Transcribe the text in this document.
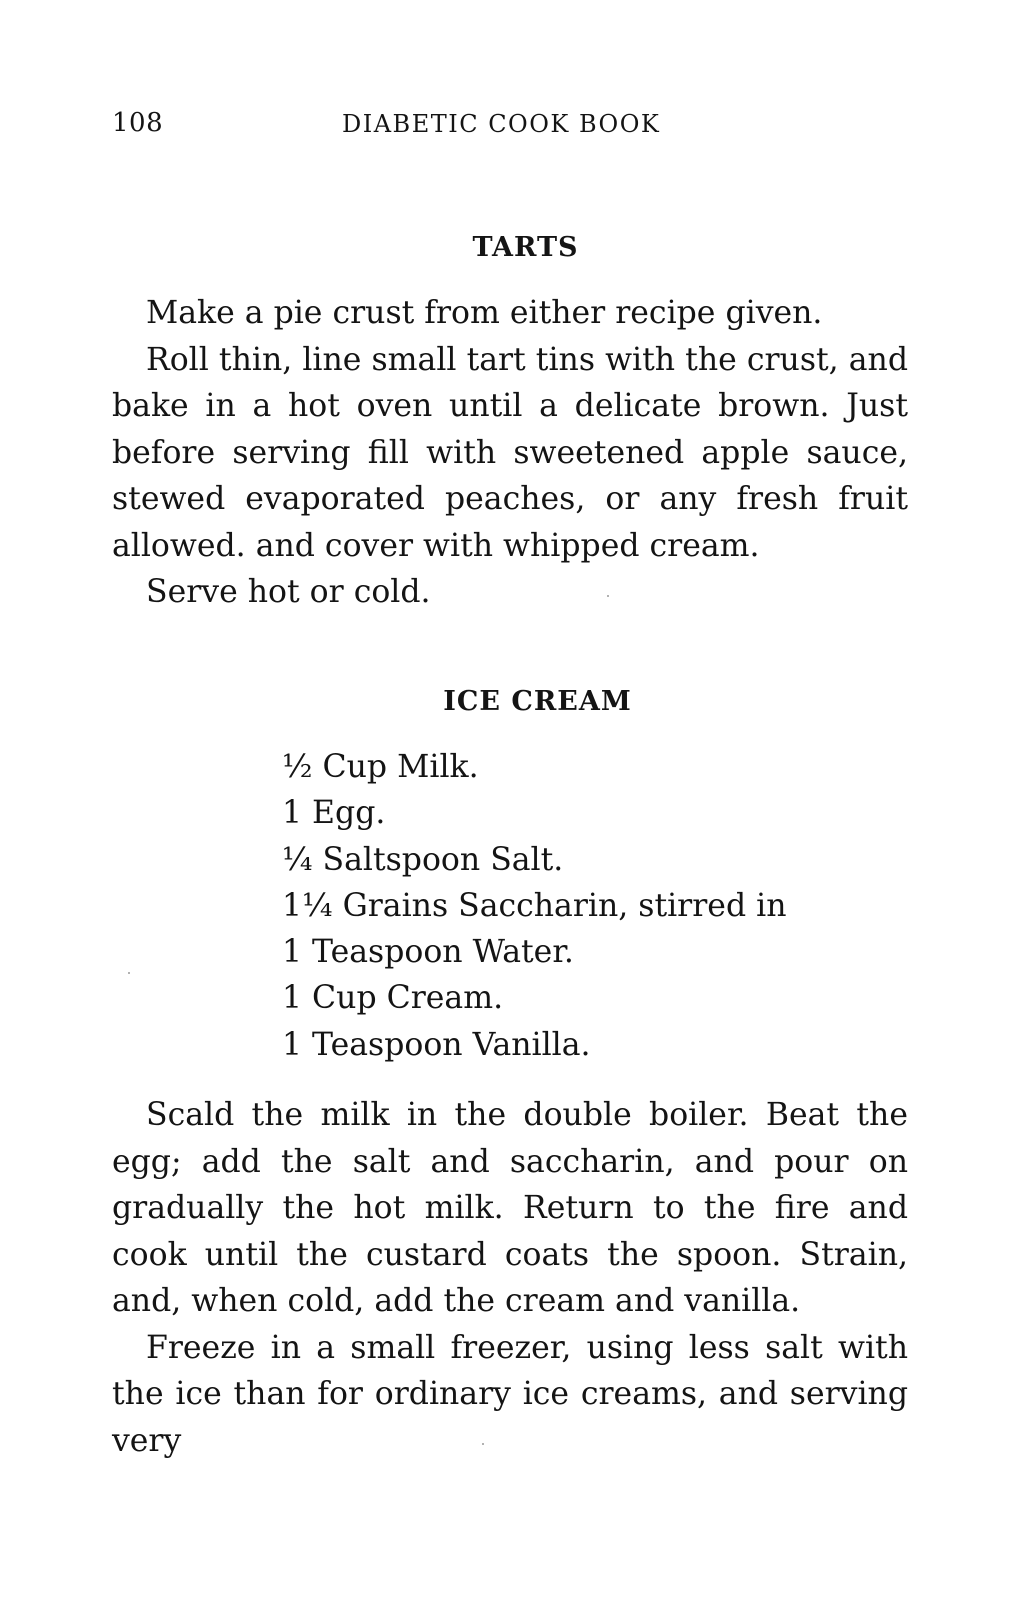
108	DIABETIC COOK BOOK
TARTS

Make a pie crust from either recipe given.

Roll thin, line small tart tins with the crust, and bake in a hot oven until a delicate brown. Just before serving fill with sweetened apple sauce, stewed evaporated peaches, or any fresh fruit allowed. and cover with whipped cream.

Serve hot or cold.

ICE CREAM
½ Cup Milk.
1 Egg.
¼ Saltspoon Salt.
1¼ Grains Saccharin, stirred in
1 Teaspoon Water.
1 Cup Cream.
1 Teaspoon Vanilla.

Scald the milk in the double boiler. Beat the egg; add the salt and saccharin, and pour on gradually the hot milk. Return to the fire and cook until the custard coats the spoon. Strain, and, when cold, add the cream and vanilla.

Freeze in a small freezer, using less salt with the ice than for ordinary ice creams, and serving very
